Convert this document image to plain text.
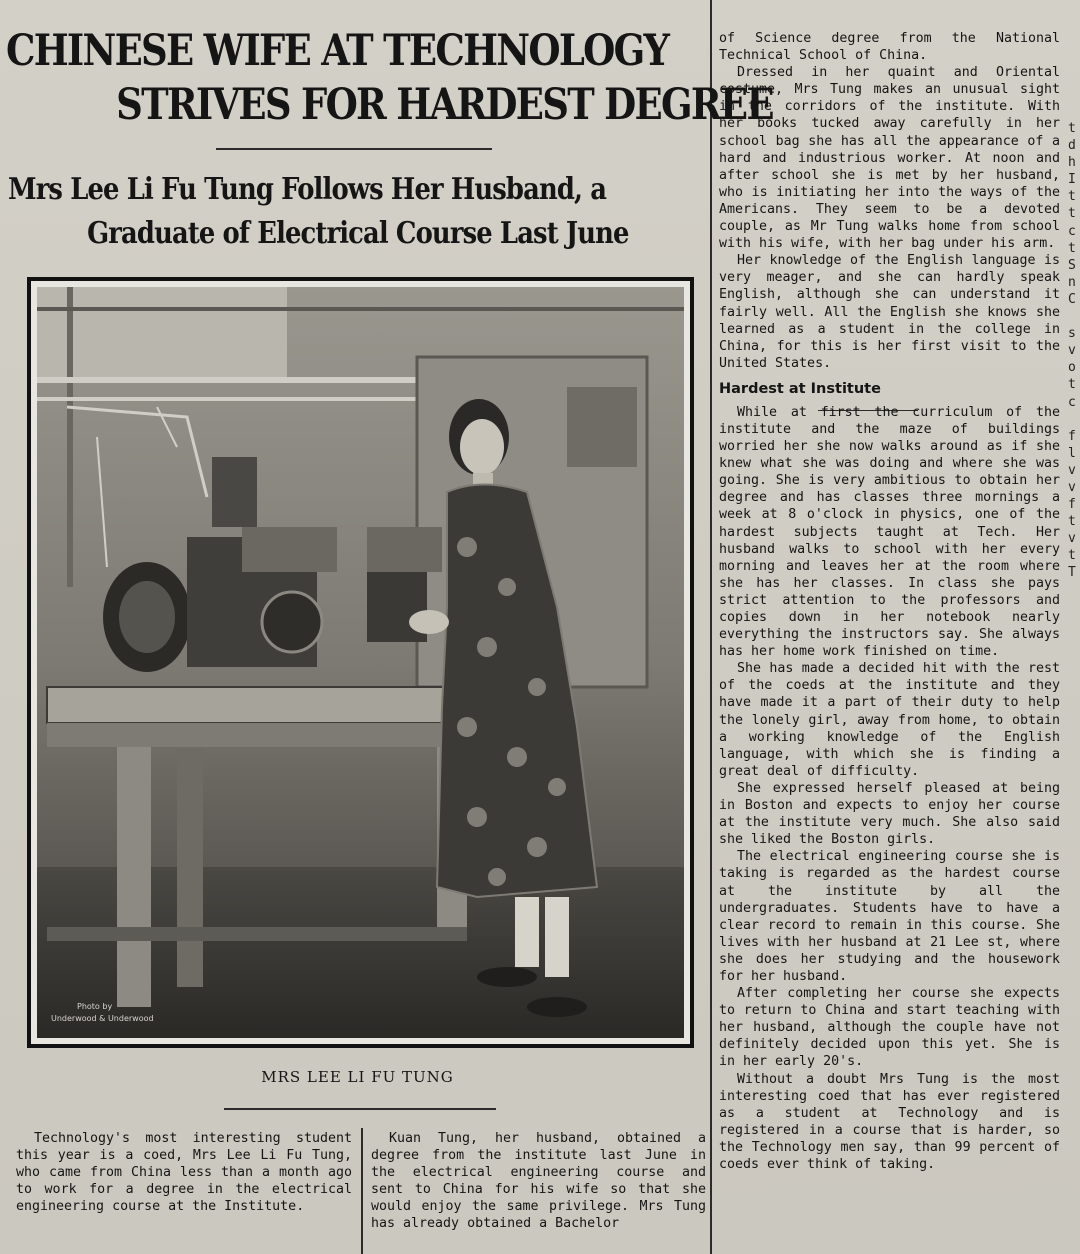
CHINESE WIFE AT TECHNOLOGY
STRIVES FOR HARDEST DEGREE
Mrs Lee Li Fu Tung Follows Her Husband, a
Graduate of Electrical Course Last June
Photo by
Underwood & Underwood
MRS LEE LI FU TUNG

Technology's most interesting student this year is a coed, Mrs Lee Li Fu Tung, who came from China less than a month ago to work for a degree in the electrical engineering course at the Institute.

Kuan Tung, her husband, obtained a degree from the institute last June in the electrical engineering course and sent to China for his wife so that she would enjoy the same privilege. Mrs Tung has already obtained a Bachelor

of Science degree from the National Technical School of China.

Dressed in her quaint and Oriental costume, Mrs Tung makes an unusual sight in the corridors of the institute. With her books tucked away carefully in her school bag she has all the appearance of a hard and industrious worker. At noon and after school she is met by her husband, who is initiating her into the ways of the Americans. They seem to be a devoted couple, as Mr Tung walks home from school with his wife, with her bag under his arm.

Her knowledge of the English language is very meager, and she can hardly speak English, although she can understand it fairly well. All the English she knows she learned as a student in the college in China, for this is her first visit to the United States.

Hardest at Institute

While at first the curriculum of the institute and the maze of buildings worried her she now walks around as if she knew what she was doing and where she was going. She is very ambitious to obtain her degree and has classes three mornings a week at 8 o'clock in physics, one of the hardest subjects taught at Tech. Her husband walks to school with her every morning and leaves her at the room where she has her classes. In class she pays strict attention to the professors and copies down in her notebook nearly everything the instructors say. She always has her home work finished on time.

She has made a decided hit with the rest of the coeds at the institute and they have made it a part of their duty to help the lonely girl, away from home, to obtain a working knowledge of the English language, with which she is finding a great deal of difficulty.

She expressed herself pleased at being in Boston and expects to enjoy her course at the institute very much. She also said she liked the Boston girls.

The electrical engineering course she is taking is regarded as the hardest course at the institute by all the undergraduates. Students have to have a clear record to remain in this course. She lives with her husband at 21 Lee st, where she does her studying and the housework for her husband.

After completing her course she expects to return to China and start teaching with her husband, although the couple have not definitely decided upon this yet. She is in her early 20's.

Without a doubt Mrs Tung is the most interesting coed that has ever registered as a student at Technology and is registered in a course that is harder, so the Technology men say, than 99 percent of coeds ever think of taking.

t
d
h
I
t
t
c
t
S
n
C
s
v
o
t
c
f
l
v
v
f
t
v
t
T
